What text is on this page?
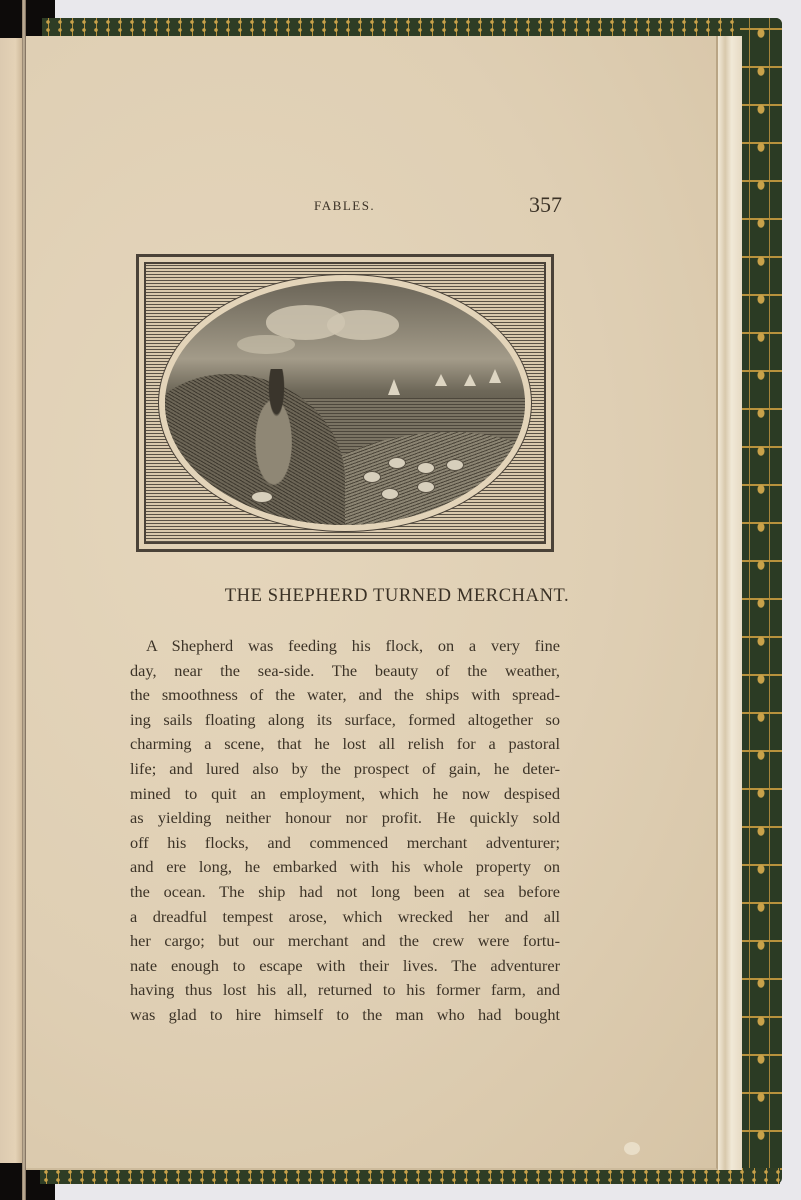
FABLES.	357
THE SHEPHERD TURNED MERCHANT.
A Shepherd was feeding his flock, on a very fine
day, near the sea-side. The beauty of the weather,
the smoothness of the water, and the ships with spread-
ing sails floating along its surface, formed altogether so
charming a scene, that he lost all relish for a pastoral
life; and lured also by the prospect of gain, he deter-
mined to quit an employment, which he now despised
as yielding neither honour nor profit. He quickly sold
off his flocks, and commenced merchant adventurer;
and ere long, he embarked with his whole property on
the ocean. The ship had not long been at sea before
a dreadful tempest arose, which wrecked her and all
her cargo; but our merchant and the crew were fortu-
nate enough to escape with their lives. The adventurer
having thus lost his all, returned to his former farm, and
was glad to hire himself to the man who had bought
